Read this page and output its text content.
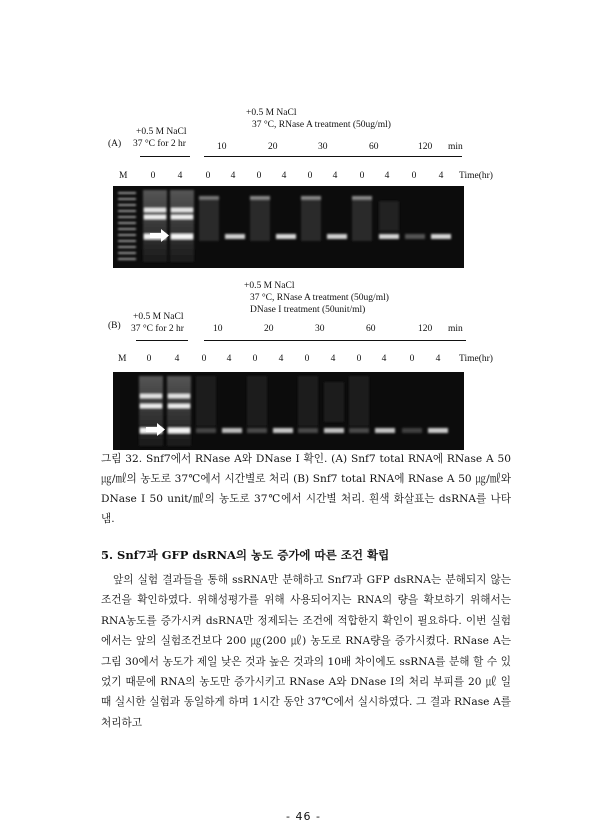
+0.5 M NaCl
37 °C, RNase A treatment (50ug/ml)
+0.5 M NaCl
(A) 37 °C for 2 hr	10	20	30	60	120 min
M 0 4 0 4 0 4 0 4 0 4 0 4 Time(hr)
+0.5 M NaCl
37 °C, RNase A treatment (50ug/ml)
DNase I treatment (50unit/ml)
+0.5 M NaCl
(B) 37 °C for 2 hr	10	20	30	60	120 min
M 0 4 0 4 0 4 0 4 0 4 0 4 Time(hr)
그림 32. Snf7에서 RNase A와 DNase I 확인. (A) Snf7 total RNA에 RNase A 50 ㎍/㎖의 농도로 37℃에서 시간별로 처리 (B) Snf7 total RNA에 RNase A 50 ㎍/㎖와 DNase I 50 unit/㎖의 농도로 37℃에서 시간별 처리. 흰색 화살표는 dsRNA를 나타냄.
5. Snf7과 GFP dsRNA의 농도 증가에 따른 조건 확립
앞의 실험 결과들을 통해 ssRNA만 분해하고 Snf7과 GFP dsRNA는 분해되지 않는 조건을 확인하였다. 위해성평가를 위해 사용되어지는 RNA의 량을 확보하기 위해서는 RNA농도를 증가시켜 dsRNA만 정제되는 조건에 적합한지 확인이 필요하다. 이번 실험에서는 앞의 실험조건보다 200 ㎍(200 ㎕) 농도로 RNA량을 증가시켰다. RNase A는 그림 30에서 농도가 제일 낮은 것과 높은 것과의 10배 차이에도 ssRNA를 분해 할 수 있었기 때문에 RNA의 농도만 증가시키고 RNase A와 DNase I의 처리 부피를 20 ㎕ 일 때 실시한 실험과 동일하게 하며 1시간 동안 37℃에서 실시하였다. 그 결과 RNase A를 처리하고
- 46 -
